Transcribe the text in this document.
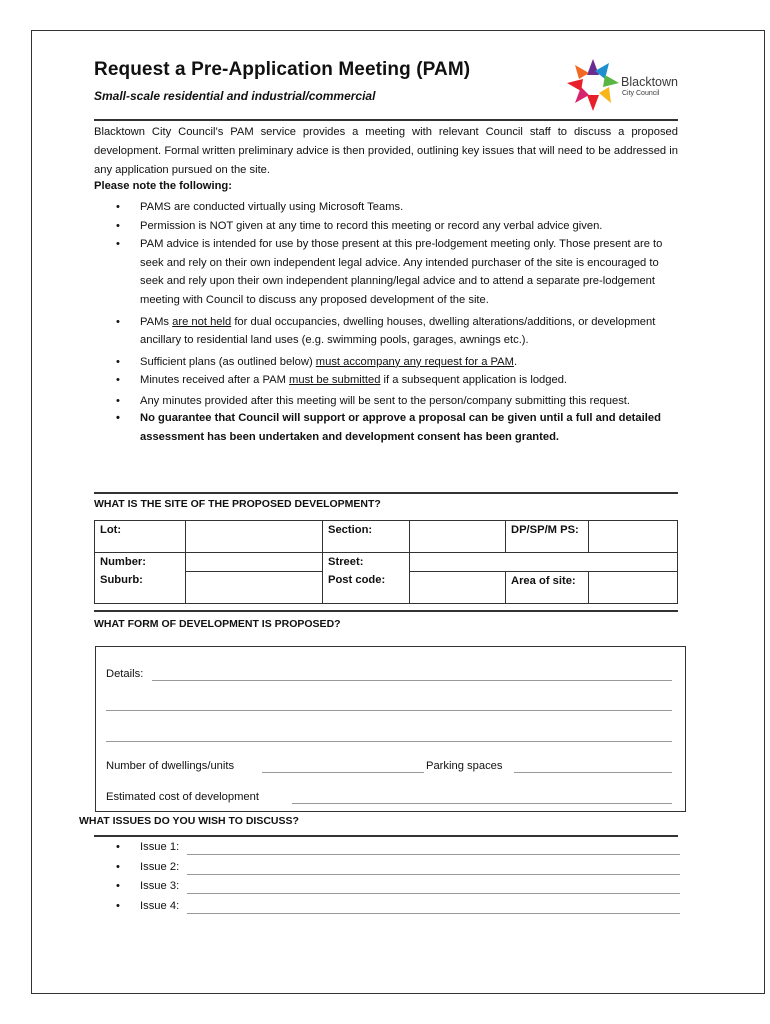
Request a Pre-Application Meeting (PAM)
Small-scale residential and industrial/commercial
Blacktown
City Council
Blacktown City Council’s PAM service provides a meeting with relevant Council staff to discuss a proposed development. Formal written preliminary advice is then provided, outlining key issues that will need to be addressed in any application pursued on the site.
Please note the following:
• PAMS are conducted virtually using Microsoft Teams.
• Permission is NOT given at any time to record this meeting or record any verbal advice given.
• PAM advice is intended for use by those present at this pre-lodgement meeting only. Those present are to seek and rely on their own independent legal advice. Any intended purchaser of the site is encouraged to seek and rely upon their own independent planning/legal advice and to attend a separate pre-lodgement meeting with Council to discuss any proposed development of the site.
• PAMs are not held for dual occupancies, dwelling houses, dwelling alterations/additions, or development ancillary to residential land uses (e.g. swimming pools, garages, awnings etc.).
• Sufficient plans (as outlined below) must accompany any request for a PAM.
• Minutes received after a PAM must be submitted if a subsequent application is lodged.
• Any minutes provided after this meeting will be sent to the person/company submitting this request.
• No guarantee that Council will support or approve a proposal can be given until a full and detailed assessment has been undertaken and development consent has been granted.
WHAT IS THE SITE OF THE PROPOSED DEVELOPMENT?
Lot:		Section:		DP/SP/M PS:	
Number:		Street:			
Suburb:		Post code:		Area of site:	
WHAT FORM OF DEVELOPMENT IS PROPOSED?
Details:
Number of dwellings/units	Parking spaces
Estimated cost of development
WHAT ISSUES DO YOU WISH TO DISCUSS?
• Issue 1:
• Issue 2:
• Issue 3:
• Issue 4:
